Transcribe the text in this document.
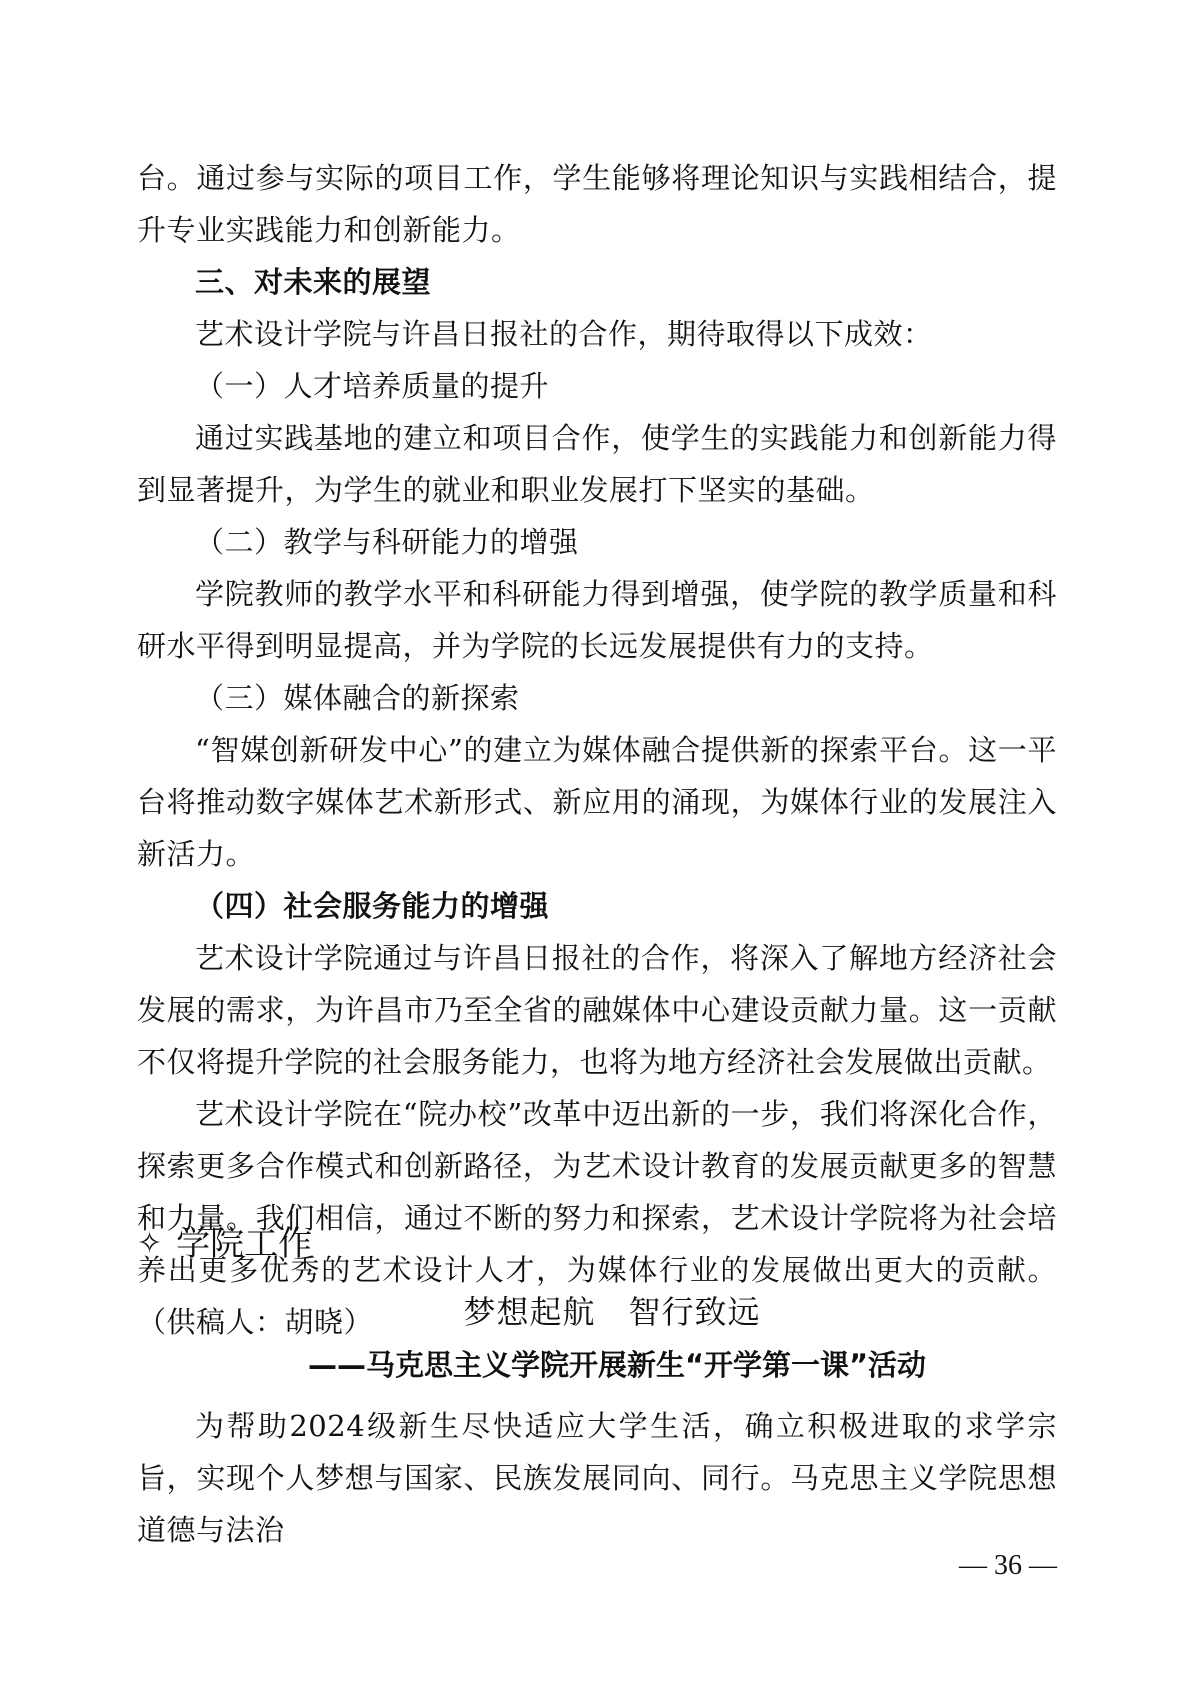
台。通过参与实际的项目工作，学生能够将理论知识与实践相结合，提升专业实践能力和创新能力。

三、对未来的展望

艺术设计学院与许昌日报社的合作，期待取得以下成效：

（一）人才培养质量的提升

通过实践基地的建立和项目合作，使学生的实践能力和创新能力得到显著提升，为学生的就业和职业发展打下坚实的基础。

（二）教学与科研能力的增强

学院教师的教学水平和科研能力得到增强，使学院的教学质量和科研水平得到明显提高，并为学院的长远发展提供有力的支持。

（三）媒体融合的新探索

“智媒创新研发中心”的建立为媒体融合提供新的探索平台。这一平台将推动数字媒体艺术新形式、新应用的涌现，为媒体行业的发展注入新活力。

（四）社会服务能力的增强

艺术设计学院通过与许昌日报社的合作，将深入了解地方经济社会发展的需求，为许昌市乃至全省的融媒体中心建设贡献力量。这一贡献不仅将提升学院的社会服务能力，也将为地方经济社会发展做出贡献。

艺术设计学院在“院办校”改革中迈出新的一步，我们将深化合作，探索更多合作模式和创新路径，为艺术设计教育的发展贡献更多的智慧和力量。我们相信，通过不断的努力和探索，艺术设计学院将为社会培养出更多优秀的艺术设计人才，为媒体行业的发展做出更大的贡献。（供稿人：胡晓）

✧ 学院工作
梦想起航　智行致远
——马克思主义学院开展新生“开学第一课”活动

为帮助2024级新生尽快适应大学生活，确立积极进取的求学宗旨，实现个人梦想与国家、民族发展同向、同行。马克思主义学院思想道德与法治

— 36 —
